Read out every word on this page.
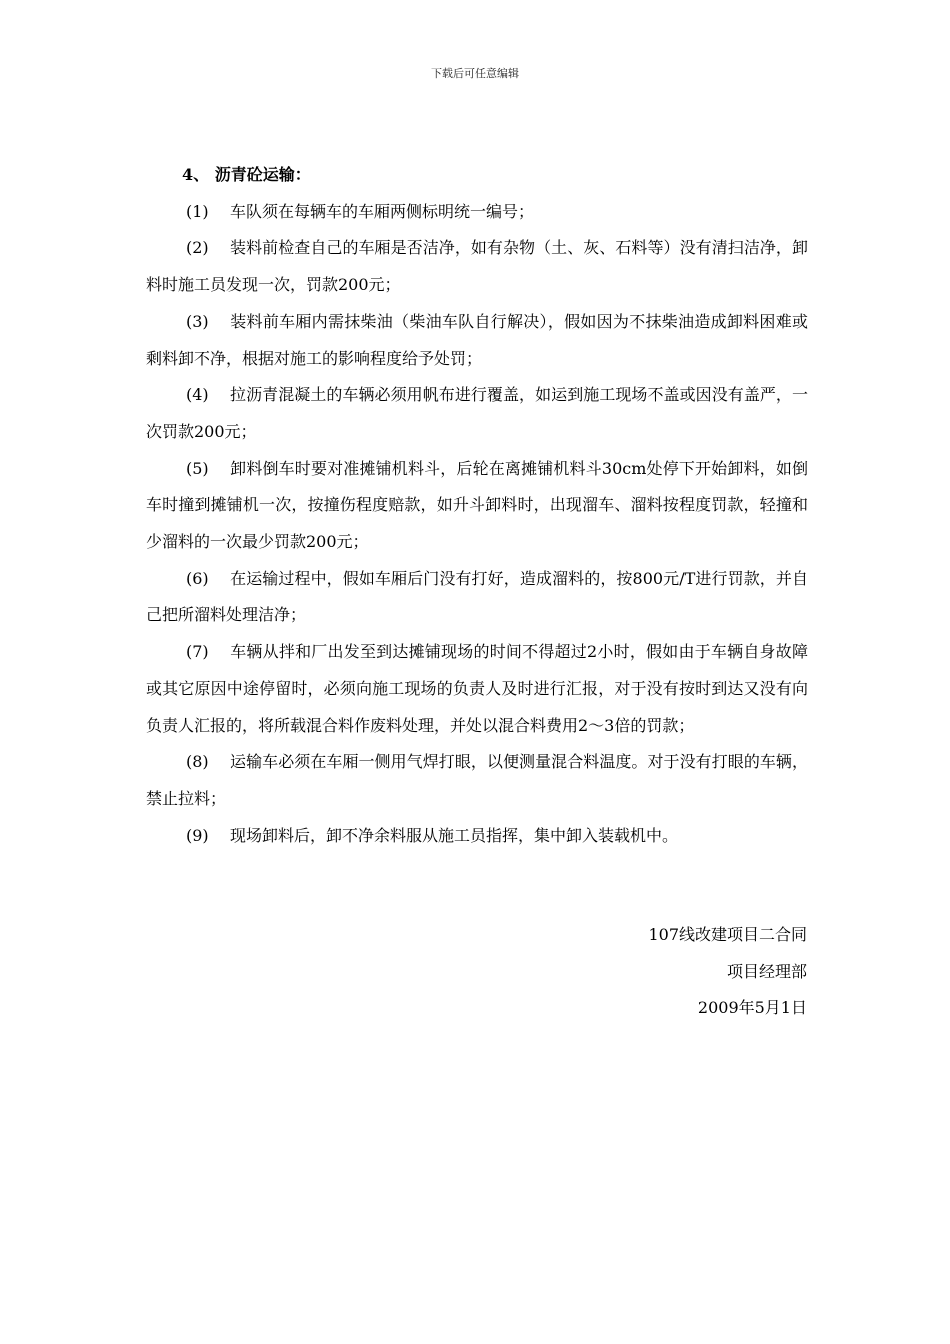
下载后可任意编辑

4、 沥青砼运输：

(1) 车队须在每辆车的车厢两侧标明统一编号；

(2) 装料前检查自己的车厢是否洁净，如有杂物（土、灰、石料等）没有清扫洁净，卸料时施工员发现一次，罚款200元；

(3) 装料前车厢内需抹柴油（柴油车队自行解决），假如因为不抹柴油造成卸料困难或剩料卸不净，根据对施工的影响程度给予处罚；

(4) 拉沥青混凝土的车辆必须用帆布进行覆盖，如运到施工现场不盖或因没有盖严，一次罚款200元；

(5) 卸料倒车时要对准摊铺机料斗，后轮在离摊铺机料斗30cm处停下开始卸料，如倒车时撞到摊铺机一次，按撞伤程度赔款，如升斗卸料时，出现溜车、溜料按程度罚款，轻撞和少溜料的一次最少罚款200元；

(6) 在运输过程中，假如车厢后门没有打好，造成溜料的，按800元/T进行罚款，并自己把所溜料处理洁净；

(7) 车辆从拌和厂出发至到达摊铺现场的时间不得超过2小时，假如由于车辆自身故障或其它原因中途停留时，必须向施工现场的负责人及时进行汇报，对于没有按时到达又没有向负责人汇报的，将所载混合料作废料处理，并处以混合料费用2～3倍的罚款；

(8) 运输车必须在车厢一侧用气焊打眼，以便测量混合料温度。对于没有打眼的车辆，禁止拉料；

(9) 现场卸料后，卸不净余料服从施工员指挥，集中卸入装载机中。

107线改建项目二合同
项目经理部
2009年5月1日
